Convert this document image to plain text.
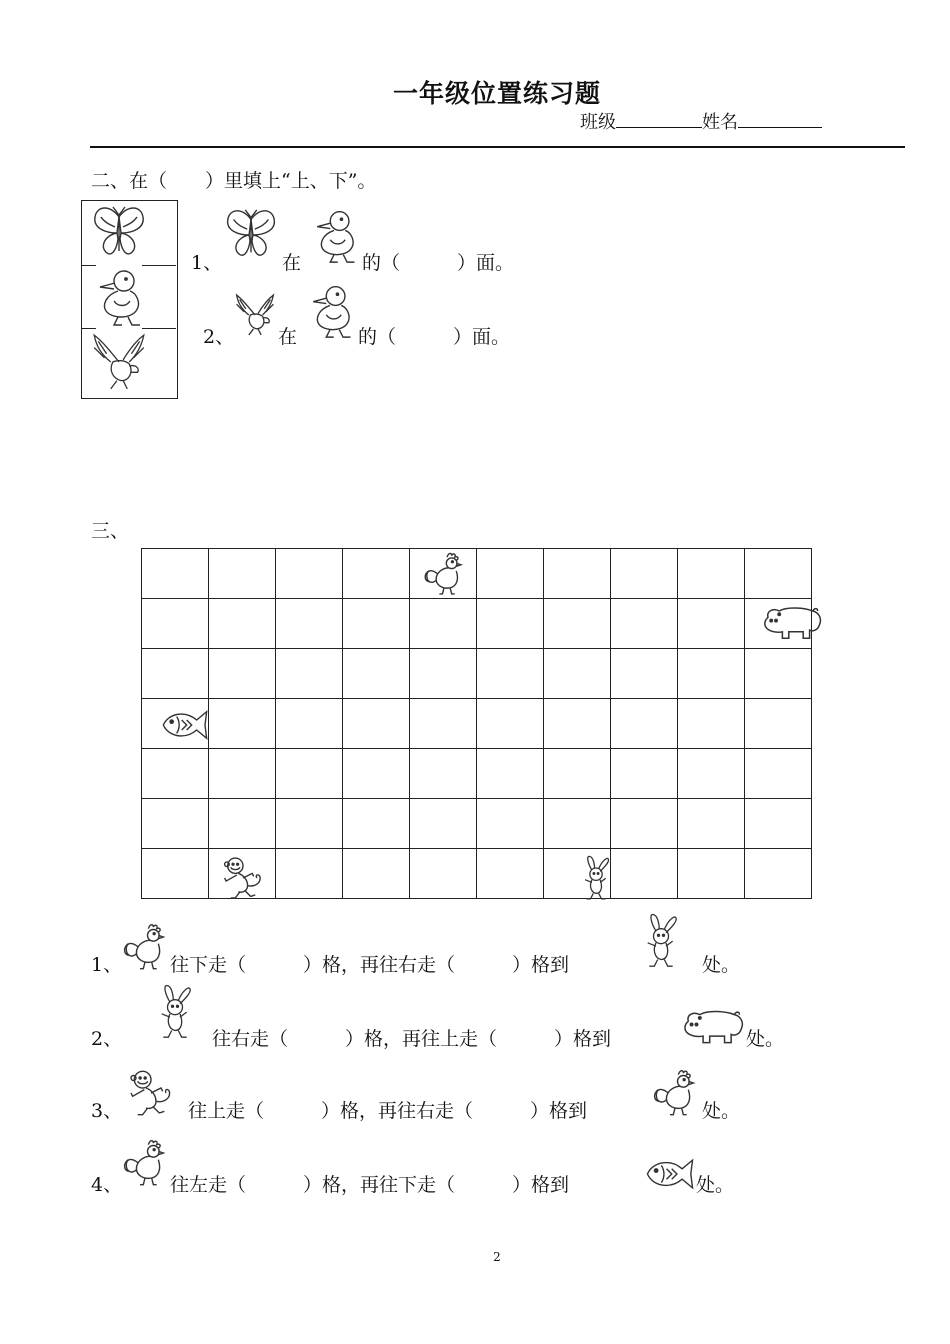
一年级位置练习题
班级	姓名
二、在（　　）里填上“上、下”。
1、	在	的（　　　）面。
2、 在	的（　　　）面。
三、

1、	往下走（　　　）格，再往右走（　　　）格到	处。
2、	往右走（　　　）格，再往上走（　　　）格到	处。
3、	往上走（　　　）格，再往右走（　　　）格到	处。
4、	往左走（　　　）格，再往下走（　　　）格到	处。
2
